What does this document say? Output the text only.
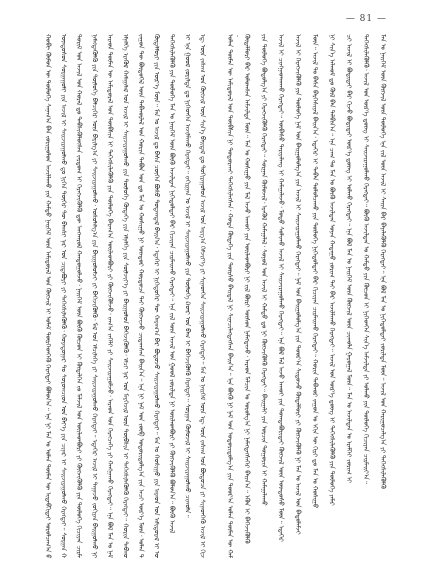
— 81 —
ᠬᠤᠪᠢ ᠬᠦᠮᠦᠨ ᠦ ᠲᠥᠯᠦᠭᠡ ᠰᠠᠨᠠᠭ᠎ᠠ ᠪᠡᠨ ᠵᠣᠷᠢᠭᠤᠯᠤᠨ ᠠᠵᠢᠯᠯᠠᠬᠤ ᠶᠢᠨ ᠬᠠᠮᠲᠤ ᠨᠡᠢᠭᠡᠮ ᠦᠨ ᠠᠮᠢᠳᠤᠷᠠᠯ ᠤᠨ ᠬᠥᠭᠵᠢᠯ ᠢ ᠤᠯᠠᠮ ᠲᠦᠷᠭᠡᠳᠭᠡᠬᠦ ᠬᠡᠷᠡᠭᠲᠡᠢ ᠪᠣᠯᠤᠨ᠎ᠠ᠃ ᠡᠨᠡ ᠨᠢ ᠮᠠᠨ ᠤ ᠣᠯᠠᠨ ᠲᠦᠮᠡᠨ ᠦ ᠢᠳᠡᠪᠬᠢᠲᠡᠢ ᠣᠷᠣᠯᠴᠠᠭ᠎ᠠ ᠪ
ᠦᠨᠳᠦᠰᠦᠨ ᠰᠤᠷᠭᠠᠭᠤᠯᠢ ᠶᠢᠨ ᠠᠵᠢᠯ ᠢ ᠰᠠᠢᠵᠢᠷᠠᠭᠤᠯᠬᠤ ᠳᠤ ᠨᠢᠭᠡᠨ ᠳᠦᠭᠡᠷ ᠲᠦ ᠪᠠᠭᠰᠢ ᠨᠠᠷ ᠤᠨ ᠴᠢᠳᠠᠪᠤᠷᠢ ᠶᠢ ᠳᠡᠭᠡᠭᠰᠢᠯᠡᠭᠦᠯᠬᠦ᠂ ᠬᠣᠶᠠᠳᠤᠭᠠᠷ ᠲᠤ ᠰᠤᠷᠤᠭᠴᠢᠳ ᠤᠨ ᠪᠡᠶ᠎ᠡ ᠶᠢᠨ ᠴᠢᠨᠠᠷ ᠢ ᠰᠠᠢᠵᠢᠷᠠᠭᠤᠯᠬᠤ ᠬᠡᠷᠡᠭᠲᠡᠢ᠃ ᠰᠤᠷᠭᠠᠨ ᠬ
ᠲᠣᠷᠢᠮ ᠤᠨ ᠠᠵᠢᠯ ᠤᠨ ᠬᠤᠷᠠᠯ ᠳᠤ ᠳᠡᠪᠰᠢᠭᠦᠯᠦᠭᠰᠡᠨ ᠵᠠᠷᠲᠤᠭ ᠢ ᠬᠡᠷᠡᠭᠵᠢᠭᠦᠯᠬᠦ ᠳᠦ ᠠᠨᠭᠬᠠᠷᠤᠯ ᠬᠠᠨᠳᠤᠭᠤᠯᠵᠤ᠂ ᠨᠡᠢᠭᠡᠮ ᠦᠨ ᠪᠦᠬᠦ ᠬᠦᠴᠦᠨ ᠢ ᠬᠥᠳᠡᠯᠭᠡᠨ ᠵᠤ ᠮᠠᠯᠵᠢᠯ ᠤᠨ ᠦᠢᠯᠡᠳᠪᠦᠷᠢ ᠶᠢ ᠬᠥᠭᠵᠢᠭᠦᠯᠬᠦ ᠶᠢᠨ ᠲᠥᠯᠦᠭᠡ ᠬᠢᠴᠢᠶᠡᠨ ᠴᠢᠷᠮᠠ
ᠨᠡᠮᠡᠭᠳᠡᠭᠦᠯᠬᠦ ᠶᠢᠨ ᠲᠥᠯᠦᠭᠡ ᠪᠡᠯᠴᠢᠭᠡᠷ ᠦᠨ ᠪᠠᠷᠢᠯᠭ᠎ᠠ ᠶᠢ ᠰᠠᠢᠵᠢᠷᠠᠭᠤᠯᠬᠤ᠂ ᠤᠰᠤᠯᠠᠯᠭ᠎ᠠ ᠶᠢᠨ ᠪᠠᠢᠭᠤᠯᠤᠮᠵᠢ ᠶᠢ ᠪᠡᠬᠡᠵᠢᠭᠦᠯᠬᠦ᠂ ᠮᠠᠯ ᠤᠨ ᠡᠮᠴᠢᠯᠡᠭᠡ ᠶᠢ ᠰᠠᠢᠵᠢᠷᠠᠭᠤᠯᠬᠤ ᠬᠡᠷᠡᠭᠲᠡᠢ᠃ ᠡᠳᠡᠭᠡᠷ ᠠᠵᠢᠯ ᠢ ᠳᠠᠭᠠᠵᠤ ᠵᠣᠬᠢᠶᠠᠨ ᠪᠠᠢᠭᠤᠯᠬᠤ ᠨᠢ
ᠠᠷᠠᠳ ᠲᠦᠮᠡᠨ ᠦ ᠠᠮᠢᠳᠤᠷᠠᠯ ᠤᠨ ᠲᠦᠪᠰᠢᠨ ᠢ ᠳᠡᠭᠡᠭᠰᠢᠯᠡᠭᠦᠯᠬᠦ ᠶᠢᠨ ᠲᠥᠯᠦᠭᠡ ᠪᠠᠷᠠᠭ᠎ᠠ ᠦᠢᠯᠡᠳᠪᠦᠷᠢ ᠶᠢ ᠬᠥᠭᠵᠢᠭᠦᠯᠵᠦ᠂ ᠵᠠᠬ᠎ᠠ ᠵᠡᠭᠡᠯᠢ ᠶᠢ ᠰᠠᠢᠵᠢᠷᠠᠭᠤᠯᠵᠤ᠂ ᠠᠷᠠᠳ ᠤᠨ ᠬᠡᠷᠡᠭᠴᠡᠭᠡ ᠶᠢ ᠬᠠᠩᠭᠠᠬᠤ ᠬᠡᠷᠡᠭᠲᠡᠢ᠃ ᠡᠨᠡ ᠪᠣᠯ ᠮᠠᠨ ᠤ ᠨᠠᠮ
ᠡᠮᠨᠡᠯᠭᠡ ᠡᠷᠡᠬᠦᠯ ᠬᠠᠮᠠᠭᠠᠯᠠᠯ ᠤᠨ ᠠᠵᠢᠯ ᠢ ᠰᠠᠢᠵᠢᠷᠠᠭᠤᠯᠬᠤ ᠶᠢᠨ ᠲᠥᠯᠦᠭᠡ ᠬᠥᠳᠡᠭᠡ ᠶᠢᠨ ᠡᠮᠨᠡᠯᠭᠡ ᠶᠢᠨ ᠰᠦᠯᠵᠢᠶ᠎ᠡ ᠶᠢ ᠪᠠᠢᠭᠤᠯᠤᠨ ᠪᠡᠬᠡᠵᠢᠭᠦᠯᠬᠦ᠂ ᠡᠮᠴᠢ ᠨᠠᠷ ᠤᠨ ᠮᠡᠷᠭᠡᠵᠢᠯ ᠦᠨ ᠲᠦᠪᠰᠢᠨ ᠢ ᠳᠡᠭᠡᠭᠰᠢᠯᠡᠭᠦᠯᠬᠦ ᠬᠡᠷᠡᠭᠲᠡᠢ᠃ ᠬᠣᠷᠢᠨ ᠳᠠᠪᠬᠤ
ᠵᠠᠭᠤᠨ ᠲᠦ ᠪᠦᠲᠦᠭᠡᠯ ᠦᠨ ᠳᠠᠪᠬᠤᠷᠯᠠᠯ ᠤᠨ ᠬᠣᠷᠢᠨ ᠲᠠᠪᠤᠨ ᠣᠨ ᠳᠤ ᠮᠠᠨ ᠤ ᠬᠣᠰᠢᠭᠤ ᠨᠢ ᠥᠨᠳᠥᠷ ᠬᠤᠷᠳᠤᠴᠠ ᠲᠠᠢ ᠬᠥᠭᠵᠢᠵᠦ ᠴᠢᠳᠠᠭᠰᠠᠨ ᠪᠠᠢᠨ᠎ᠠ᠃ ᠡᠨᠡ ᠨᠢ ᠨᠠᠮ ᠤᠨ ᠵᠥᠪ ᠤᠳᠤᠷᠢᠳᠤᠯᠭ᠎ᠠ ᠶᠢᠨ ᠠᠴᠢ ᠦᠷ᠎ᠡ ᠮᠥᠨ᠂ ᠣᠯᠠᠨ ᠲ
ᠬᠥᠳᠡᠯᠮᠦᠷᠢ ᠶᠢᠨ ᠦᠷ᠎ᠡ ᠮᠥᠨ᠃ ᠮᠠᠨ ᠤ ᠠᠵᠢᠯ ᠳᠤ ᠪᠠᠰᠠ ᠴᠥᠭᠡᠨ ᠪᠤᠰᠤ ᠳᠤᠲᠠᠭᠳᠠᠯ ᠪᠠᠢᠨ᠎ᠠ᠂ ᠡᠳᠡᠭᠡᠷ ᠢ ᠨᠢᠭᠡᠳᠦᠭᠡᠷ ᠲᠦ ᠬᠠᠷᠠᠭ᠎ᠠ ᠪᠠᠷ ᠪᠤᠳᠤᠵᠤ ᠰᠠᠢᠵᠢᠷᠠᠭᠤᠯᠬᠤ ᠬᠡᠷᠡᠭᠲᠡᠢ᠃ ᠮᠠᠨ ᠤ ᠬᠣᠰᠢᠭᠤ ᠶᠢᠨ ᠠᠷᠠᠳ ᠤᠨ ᠠᠮᠢᠳᠤᠷᠠᠯ ᠢ ᠤ
ᠳᠡᠭᠡᠭᠰᠢᠯᠡᠭᠦᠯᠬᠦ ᠶᠢᠨ ᠲᠥᠯᠦᠭᠡ ᠮᠠᠨ ᠤ ᠨᠡᠢᠭᠡᠮ ᠦᠨ ᠪᠦᠬᠦ ᠠᠵᠢᠯᠲᠠᠨ ᠨᠢᠭᠡᠳᠦᠯᠲᠡᠢ ᠪᠡᠷ ᠬᠢᠴᠢᠶᠡᠨ ᠴᠢᠷᠮᠠᠢᠬᠤ ᠬᠡᠷᠡᠭᠲᠡᠢ᠃ ᠡᠨᠡ ᠵᠢᠯ ᠦᠨ ᠠᠵᠢᠯ ᠤᠨ ᠭᠣᠣᠯ ᠵᠣᠷᠢᠯᠲᠠ ᠨᠢ ᠦᠢᠯᠡᠳᠪᠦᠷᠢ ᠶᠢ ᠬᠥᠭᠵᠢᠭᠦᠯᠬᠦ ᠪᠣᠯᠤᠨ᠎ᠠ᠃ ᠪᠦᠬᠦ ᠠᠵᠢᠯ	ᠢ ᠡᠨᠡ ᠭᠣᠣᠯ ᠵᠣᠷᠢᠯᠲᠠ ᠳᠤ ᠨᠢᠭᠡᠳᠬᠡᠨ ᠠᠵᠢᠯᠯᠠᠬᠤ ᠬᠡᠷᠡᠭᠲᠡᠢ᠃ ᠵᠠᠬᠢᠷᠭᠠᠨ ᠤ ᠠᠵᠢᠯ ᠢ ᠰᠠᠢᠵᠢᠷᠠᠭᠤᠯᠬᠤ ᠶᠢᠨ ᠲᠥᠯᠦᠭᠡ ᠺᠠᠳᠷ ᠤᠨ ᠪᠠᠭ ᠢ ᠪᠡᠬᠡᠵᠢᠭᠦᠯᠬᠦ ᠬᠡᠷᠡᠭᠲᠡᠢ᠃ ᠰᠤᠷᠭᠠᠨ ᠬᠦᠮᠦᠵᠢᠯ ᠢ ᠰᠠᠢᠵᠢᠷᠠᠭᠤᠯᠬᠤ ᠴᠢᠬᠤᠯᠠ᠃	ᠡᠳ᠋ ᠦᠨ ᠵᠠᠰᠠᠭ ᠤᠨ ᠬᠥᠭᠵᠢᠯ ᠦᠨ ᠰᠢᠨ᠎ᠡ ᠪᠠᠢᠳᠠᠯ ᠳᠤ ᠲᠣᠬᠢᠷᠠᠭᠤᠯᠤᠨ ᠠᠵᠢᠯ ᠤᠨ ᠠᠷᠭ᠎ᠠ ᠬᠡᠮᠵᠢᠶ᠎ᠡ ᠶᠢ ᠰᠢᠨᠡᠳᠭᠡᠨ ᠰᠠᠢᠵᠢᠷᠠᠭᠤᠯᠬᠤ ᠬᠡᠷᠡᠭᠲᠡᠢ᠃ ᠮᠠᠨ ᠤ ᠨᠡᠢᠭᠡᠮ ᠦᠨ ᠡᠳ᠋ ᠦᠨ ᠵᠠᠰᠠᠭ ᠤᠨ ᠪᠦᠲᠦᠴᠡ ᠶᠢ ᠰᠢᠨᠡᠳᠭᠡᠬᠦ ᠠᠵᠢᠯ ᠢ ᠬᠢᠵ
ᠣᠯᠠᠨ ᠲᠦᠮᠡᠨ ᠦ ᠠᠮᠢᠳᠤᠷᠠᠯ ᠤᠨ ᠲᠦᠪᠰᠢᠨ ᠨᠢ ᠲᠣᠳᠣᠷᠬᠠᠢ ᠳᠡᠭᠡᠭᠰᠢᠯᠡᠭᠰᠡᠨ᠂ ᠬᠣᠳᠠ ᠬᠥᠳᠡᠭᠡ ᠶᠢᠨ ᠳᠦᠷᠰᠦ ᠪᠠᠢᠳᠠᠯ ᠨᠢ ᠰᠢᠨᠡᠴᠢᠯᠡᠭᠳᠡᠭᠰᠡᠨ ᠪᠠᠢᠨ᠎ᠠ᠃ ᠡᠨᠡ ᠪᠦᠬᠦ ᠨᠢ ᠨᠠᠮ ᠤᠨ ᠤᠳᠤᠷᠢᠳᠤᠯᠭ᠎ᠠ ᠶᠢᠨ ᠳᠣᠣᠷ᠎ᠠ ᠣᠯᠠᠨ ᠲᠦᠮᠡᠨ ᠦ ᠬᠠᠮ
ᠬᠥᠳᠡᠯᠮᠦᠷᠢ ᠪᠡᠷ ᠣᠯᠤᠭᠰᠠᠨ ᠠᠮᠵᠢᠯᠲᠠ ᠮᠥᠨ᠃ ᠮᠠᠨ ᠤ ᠬᠣᠰᠢᠭᠤ ᠶᠢᠨ ᠮᠠᠯ ᠠᠵᠤ ᠠᠬᠤᠢ ᠶᠢᠨ ᠦᠢᠯᠡᠳᠪᠦᠷᠢ ᠨᠢ ᠵᠢᠯ ᠪᠦᠷᠢ ᠥᠰᠦᠨ ᠨᠡᠮᠡᠭᠳᠡᠵᠦ᠂ ᠠᠷᠠᠳ ᠮᠠᠯᠴᠢᠨ ᠤ ᠣᠷᠣᠯᠭ᠎ᠠ ᠨᠢ ᠨᠡᠮᠡᠭᠳᠡᠭᠰᠡᠭᠡᠷ ᠪᠠᠢᠨ᠎ᠠ᠃ ᠡᠭᠦᠨ ᠢ ᠪᠡᠬᠡᠵᠢᠭᠦᠯᠬᠦ	ᠶᠢᠨ ᠲᠥᠯᠦᠭᠡ ᠪᠣᠳᠤᠯᠭ᠎ᠠ ᠶᠢ ᠬᠡᠷᠡᠭᠵᠢᠭᠦᠯᠬᠦ ᠬᠡᠷᠡᠭᠲᠡᠢ᠃ ᠰᠤᠷᠭᠠᠨ ᠬᠦᠮᠦᠵᠢᠯ᠂ ᠡᠷᠡᠬᠦᠯ ᠬᠠᠮᠠᠭᠠᠯᠠᠯ᠂ ᠰᠣᠶᠣᠯ ᠤᠨ ᠠᠵᠢᠯ ᠢ ᠬᠠᠮᠲᠤ ᠳᠤ ᠨᠢ ᠬᠥᠭᠵᠢᠭᠦᠯᠬᠦ ᠬᠡᠷᠡᠭᠲᠡᠢ᠃ ᠪᠠᠢᠭᠠᠯᠢ ᠶᠢᠨ ᠣᠷᠴᠢᠨ ᠲᠣᠭᠣᠷᠢᠨ ᠢ ᠬᠠᠮᠠᠭᠠᠯᠠᠬᠤ	ᠠᠵᠢᠯ ᠢ ᠴᠢᠩᠭᠠᠳᠬᠠᠬᠤ ᠬᠡᠷᠡᠭᠲᠡᠢ᠃ ᠦᠪᠡᠰᠦ ᠲᠠᠷᠢᠶᠠᠯᠠᠩ ᠢ ᠬᠠᠮᠠᠭᠠᠯᠠᠵᠤ᠂ ᠮᠣᠳᠣ ᠰᠤᠯᠢᠬᠤ ᠠᠵᠢᠯ ᠢ ᠰᠠᠢᠵᠢᠷᠠᠭᠤᠯᠬᠤ ᠬᠡᠷᠡᠭᠲᠡᠢ᠃ ᠡᠨᠡ ᠪᠣᠯ ᠮᠠᠯ ᠠᠵᠤ ᠠᠬᠤᠢ ᠶᠢᠨ ᠲᠣᠭᠲᠠᠪᠤᠷᠢᠲᠠᠢ ᠬᠥᠭᠵᠢᠯ ᠦᠨ ᠦᠨᠳᠦᠰᠦ ᠮᠥᠨ᠃ ᠡᠳᠡᠭᠡᠷ	ᠠᠵᠢᠯ ᠢ ᠬᠡᠷᠡᠭᠵᠢᠭᠦᠯᠬᠦ ᠶᠢᠨ ᠲᠥᠯᠦᠭᠡ ᠨᠠᠮ ᠤᠨ ᠪᠠᠢᠭᠤᠯᠤᠯᠭ᠎ᠠ ᠶᠢᠨ ᠠᠵᠢᠯ ᠢ ᠰᠠᠢᠵᠢᠷᠠᠭᠤᠯᠬᠤ ᠬᠡᠷᠡᠭᠲᠡᠢ᠃ ᠨᠠᠮ ᠤᠨ ᠪᠠᠢᠭᠤᠯᠤᠯᠭ᠎ᠠ ᠶᠢᠨ ᠳᠣᠣᠷ᠎ᠠ ᠰᠢᠲᠦᠵᠦ ᠬᠥᠳᠡᠯᠮᠦᠷᠢ ᠶᠢ ᠬᠥᠭᠵᠢᠭᠦᠯᠬᠦ ᠨᠢ ᠮᠠᠨ ᠤ ᠠᠵᠢᠯ ᠤᠨ ᠪᠠᠲᠤᠯᠠᠮᠵᠢ	ᠮᠥᠨ᠃ ᠠᠵᠢᠯ ᠲᠤ ᠪᠠᠰᠠ ᠪᠡᠷᠬᠡᠰᠢᠶᠡᠯ ᠪᠠᠢᠨ᠎ᠠ᠂ ᠡᠳᠡᠭᠡᠷ ᠢ ᠳᠠᠪᠠᠨ ᠲᠤᠯᠤᠯᠴᠠᠬᠤ ᠶᠢᠨ ᠲᠥᠯᠦᠭᠡ ᠨᠢᠭᠡᠳᠦᠯᠲᠡᠢ ᠪᠡᠷ ᠬᠢᠴᠢᠶᠡᠨ ᠴᠢᠷᠮᠠᠢᠬᠤ ᠬᠡᠷᠡᠭᠲᠡᠢ᠃ ᠬᠣᠷᠢᠨ ᠳᠠᠪᠬᠤᠷ ᠵᠠᠭᠤᠨ ᠤ ᠡᠬᠢᠨ ᠦ ᠬᠢᠷᠢ ᠳᠤ ᠮᠠᠨ ᠤ ᠬᠣᠰᠢᠭᠤ	ᠨᠢ ᠰᠢᠨ᠎ᠡ ᠠᠯᠬᠤᠮ ᠳᠤ ᠬᠥᠯ ᠪᠡᠨ ᠲᠠᠯᠪᠢᠨ᠎ᠠ᠃ ᠡᠨᠡ ᠴᠠᠭ ᠲᠤ ᠮᠠᠨ ᠤ ᠪᠦᠬᠦ ᠠᠵᠢᠯᠲᠠᠨ ᠤᠶᠠᠨ ᠬᠠᠲᠠᠭᠤ ᠵᠣᠷᠢᠭ ᠲᠠᠢ ᠪᠡᠷ ᠠᠵᠢᠯᠯᠠᠬᠤ ᠬᠡᠷᠡᠭᠲᠡᠢ᠃ ᠠᠵᠢᠯ ᠤᠨ ᠦᠷ᠎ᠡ ᠳ᠋ᠦᠩ ᠢ ᠳᠡᠭᠡᠭᠰᠢᠯᠡᠭᠦᠯᠬᠦ ᠶᠢᠨ ᠲᠥᠯᠦᠭᠡ ᠶᠠᠮᠠᠷ	ᠴᠢ ᠠᠵᠢᠯ ᠢ ᠪᠣᠳᠢᠲᠠᠢ ᠪᠡᠷ ᠬᠢᠵᠦ ᠪᠣᠳᠢᠲᠠᠢ ᠦᠷ᠎ᠡ ᠳ᠋ᠦᠩ ᠢ ᠣᠯᠬᠤ ᠬᠡᠷᠡᠭᠲᠡᠢ᠃ ᠡᠨᠡ ᠪᠣᠯ ᠮᠠᠨ ᠤ ᠨᠡᠢᠭᠡᠮ ᠦᠨ ᠬᠥᠭᠵᠢᠯ ᠦᠨ ᠴᠢᠬᠤᠯᠠ ᠭᠠᠷᠤᠭᠠᠯ ᠮᠥᠨ᠃ ᠮᠠᠨ ᠤ ᠠᠵᠢᠯᠲᠠᠨ ᠤ ᠡᠷᠡᠮᠬᠡᠢ ᠵᠣᠷᠢᠭ ᠢ	ᠳᠡᠭᠡᠭᠰᠢᠯᠡᠭᠦᠯᠬᠦ᠂ ᠠᠵᠢᠯ ᠤᠨ ᠦᠷ᠎ᠡ ᠳ᠋ᠦᠩ ᠢ ᠰᠠᠢᠵᠢᠷᠠᠭᠤᠯᠬᠤ ᠬᠡᠷᠡᠭᠲᠡᠢ᠃ ᠪᠦᠬᠦ ᠠᠵᠢᠯᠲᠠᠨ ᠤ ᠬᠠᠮᠲᠤ ᠶᠢᠨ ᠬᠦᠴᠦᠨ ᠢ ᠨᠢᠭᠡᠳᠭᠡᠨ ᠰᠢᠨ᠎ᠡ ᠠᠮᠵᠢᠯᠲᠠ ᠶᠢ ᠣᠯᠬᠤ ᠶᠢᠨ ᠲᠥᠯᠦᠭᠡ ᠬᠢᠴᠢᠶᠡᠨ ᠴᠢᠷᠮᠠᠢᠶ᠎ᠠ᠃	ᠮᠠᠨ ᠤ ᠨᠡᠢᠭᠡᠮ ᠦᠨ ᠬᠥᠭᠵᠢᠯ ᠦᠨ ᠲᠥᠯᠦᠭᠡ ᠡᠨᠡ ᠵᠢᠯ ᠦᠨ ᠠᠵᠢᠯ ᠢ ᠰᠠᠢᠨ ᠪᠡᠷ ᠪᠡᠶᠡᠯᠡᠭᠦᠯᠬᠦ ᠬᠡᠷᠡᠭᠲᠡᠢ᠃ ᠡᠨᠡ ᠪᠣᠯ ᠮᠠᠨ ᠤ ᠨᠢᠭᠡᠳᠦᠯᠲᠡᠢ ᠵᠣᠷᠢᠯᠲᠠ ᠮᠥᠨ᠃ ᠠᠵᠢᠯ ᠤᠨ ᠬᠠᠷᠢᠭᠤᠴᠠᠯᠭ᠎ᠠ ᠶᠢ ᠳᠡᠭᠡᠭᠰᠢᠯᠡᠭᠦᠯᠬᠦ
